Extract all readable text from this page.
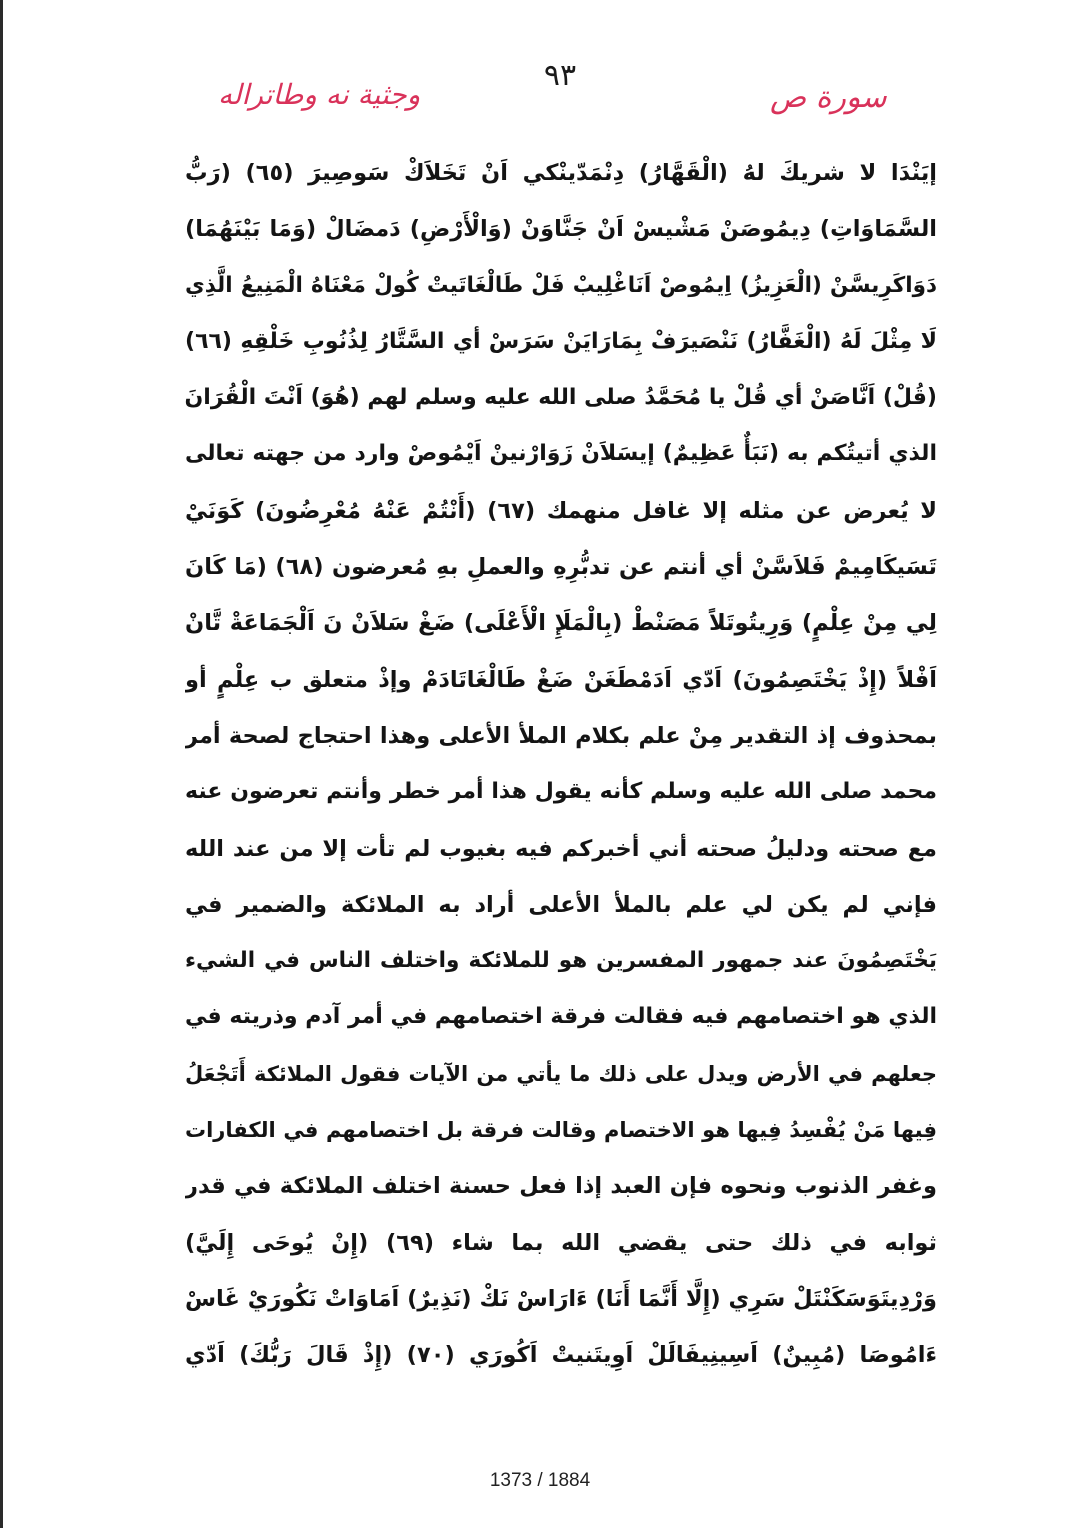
وجثية نه وطاتراله
٩٣
سورة ص
إيَنْدَا لا شريكَ لهُ (الْقَهَّارُ) دِنْمَدّينْكي اَنْ تَخَلاَكْ سَوصِيرَ (٦٥) (رَبُّ
السَّمَاوَاتِ) دِيمُوصَنْ مَشْيسْ اَنْ جَنَّاوَنْ (وَالْأَرْضِ) دَمضَالْ (وَمَا بَيْنَهُمَا)
دَوَاكَرِيسَّنْ (الْعَزِيزُ) اِيمُوصْ اَنَاغْلِيبْ فَلْ طَالْغَاتَيتْ كُولْ مَعْنَاهُ الْمَنِيعُ الَّذِي
لَا مِثْلَ لَهُ (الْغَفَّارُ) نَنْصَيرَفْ بِمَارَايَنْ سَرَسْ أي السَّتَّارُ لِذُنُوبِ خَلْقِهِ (٦٦)
(قُلْ) اَنَّاصَنْ أي قُلْ يا مُحَمَّدُ صلى الله عليه وسلم لهم (هُوَ) اَنْتَ الْقُرَانَ
الذي أتيتُكم به (نَبَأٌ عَظِيمٌ) إيسَلاَنْ زَوَارْنينْ اَيْمُوصْ وارد من جهته تعالى
لا يُعرض عن مثله إلا غافل منهمك (٦٧) (أَنْتُمْ عَنْهُ مُعْرِضُونَ) كَوَنَيْ
تَسَيكَامِيمْ فَلاَسَّنْ أي أنتم عن تدبُّرِهِ والعملِ بهِ مُعرضون (٦٨) (مَا كَانَ
لِي مِنْ عِلْمٍ) وَرِيتُوتَلاً مَصَنْطْ (بِالْمَلَإِ الْأَعْلَى) ضَغْ سَلاَنْ نَ اَلْجَمَاعَةْ تَّانْ
اَفْلاً (إِذْ يَخْتَصِمُونَ) اَدّي اَدَمْطَغَنْ ضَغْ طَالْغَاتَادَمْ وإذْ متعلق ب عِلْمٍ أو
بمحذوف إذ التقدير مِنْ علم بكلام الملأ الأعلى وهذا احتجاج لصحة أمر
محمد صلى الله عليه وسلم كأنه يقول هذا أمر خطر وأنتم تعرضون عنه
مع صحته ودليلُ صحته أني أخبركم فيه بغيوب لم تأت إلا من عند الله
فإني لم يكن لي علم بالملأ الأعلى أراد به الملائكة والضمير في
يَخْتَصِمُونَ عند جمهور المفسرين هو للملائكة واختلف الناس في الشيء
الذي هو اختصامهم فيه فقالت فرقة اختصامهم في أمر آدم وذريته في
جعلهم في الأرض ويدل على ذلك ما يأتي من الآيات فقول الملائكة أَتَجْعَلُ
فِيها مَنْ يُفْسِدُ فِيها هو الاختصام وقالت فرقة بل اختصامهم في الكفارات
وغفر الذنوب ونحوه فإن العبد إذا فعل حسنة اختلف الملائكة في قدر
ثوابه في ذلك حتى يقضي الله بما شاء (٦٩) (إِنْ يُوحَى إِلَيَّ)
وَرْدِيتَوَسَكَنْتَلْ سَرِي (إِلَّا أَنَّمَا أَنَا) ءَارَاسْ نَكْ (نَذِيرٌ) اَمَاوَاتْ نَكُورَيْ غَاسْ
ءَامُوصَا (مُبِينٌ) اَسِينِيفَالَلْ اَوِيتَنيتْ اَكُورَي (٧٠) (إِذْ قَالَ رَبُّكَ) اَدّي
1373 / 1884
